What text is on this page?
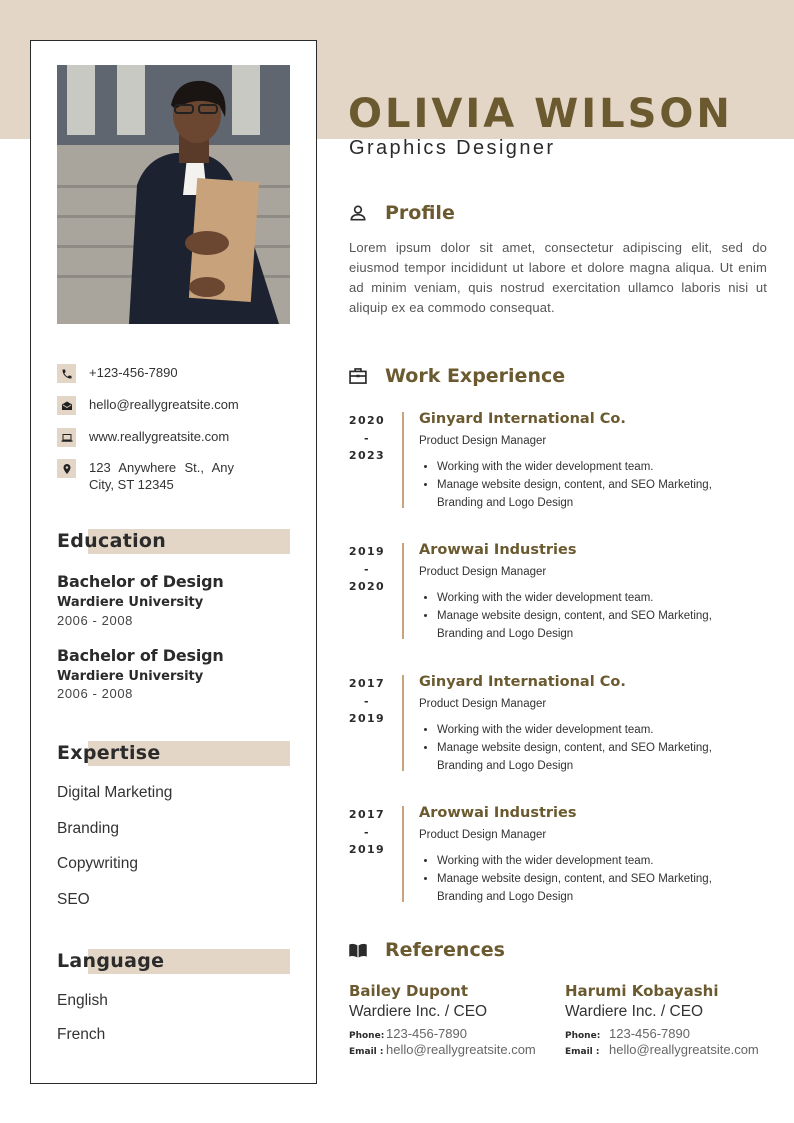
+123-456-7890
hello@reallygreatsite.com
www.reallygreatsite.com
123 Anywhere St., Any City, ST 12345
Education
Bachelor of Design
Wardiere University
2006 - 2008
Bachelor of Design
Wardiere University
2006 - 2008
Expertise
Digital Marketing
Branding
Copywriting
SEO
Language
English
French
OLIVIA WILSON
Graphics Designer
Profile
Lorem ipsum dolor sit amet, consectetur adipiscing elit, sed do eiusmod tempor incididunt ut labore et dolore magna aliqua. Ut enim ad minim veniam, quis nostrud exercitation ullamco laboris nisi ut aliquip ex ea commodo consequat.
Work Experience
2020
-
2023
Ginyard International Co.
Product Design Manager
• Working with the wider development team.
• Manage website design, content, and SEO Marketing, Branding and Logo Design
2019
-
2020
Arowwai Industries
Product Design Manager
• Working with the wider development team.
• Manage website design, content, and SEO Marketing, Branding and Logo Design
2017
-
2019
Ginyard International Co.
Product Design Manager
• Working with the wider development team.
• Manage website design, content, and SEO Marketing, Branding and Logo Design
2017
-
2019
Arowwai Industries
Product Design Manager
• Working with the wider development team.
• Manage website design, content, and SEO Marketing, Branding and Logo Design
References
Bailey Dupont
Wardiere Inc. / CEO
Phone: 123-456-7890
Email : hello@reallygreatsite.com
Harumi Kobayashi
Wardiere Inc. / CEO
Phone: 123-456-7890
Email : hello@reallygreatsite.com
